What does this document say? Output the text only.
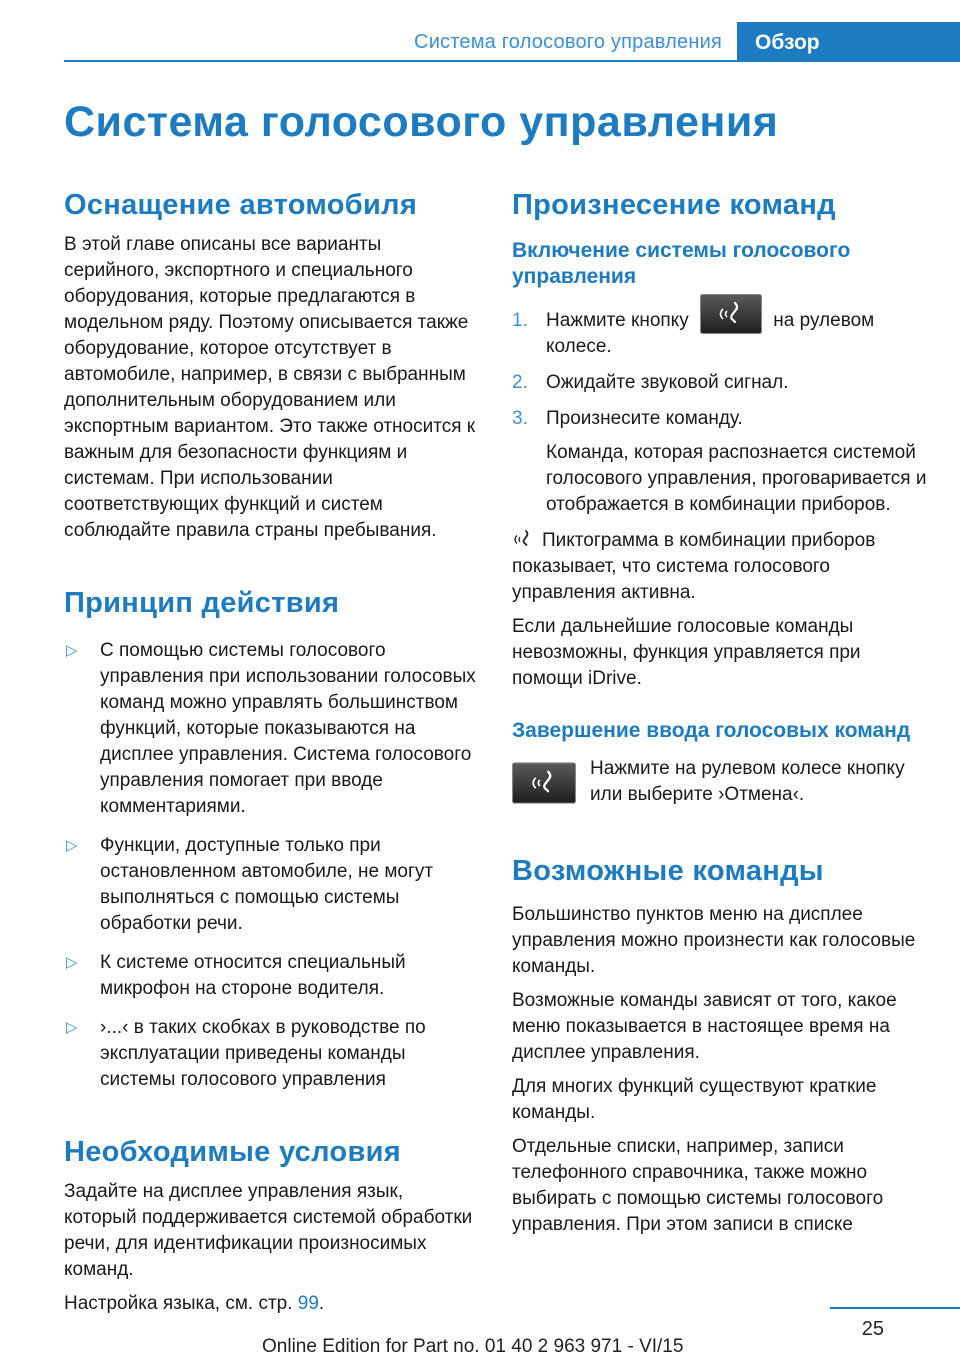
Система голосового управления	Обзор
Система голосового управления
Оснащение автомобиля

В этой главе описаны все варианты серийного, экспортного и специального оборудования, которые предлагаются в модельном ряду. Поэтому описывается также оборудование, которое отсутствует в автомобиле, например, в связи с выбранным дополнительным оборудованием или экспортным вариантом. Это также относится к важным для безопасности функциям и системам. При использовании соответствующих функций и систем соблюдайте правила страны пребывания.

Принцип действия
▷ С помощью системы голосового управления при использовании голосовых команд можно управлять большинством функций, которые показываются на дисплее управления. Система голосового управления помогает при вводе комментариями.
▷ Функции, доступные только при остановленном автомобиле, не могут выполняться с помощью системы обработки речи.
▷ К системе относится специальный микрофон на стороне водителя.
▷ ›...‹ в таких скобках в руководстве по эксплуатации приведены команды системы голосового управления
Необходимые условия

Задайте на дисплее управления язык, который поддерживается системой обработки речи, для идентификации произносимых команд.

Настройка языка, см. стр. 99.

Произнесение команд
Включение системы голосового управления
1. Нажмите кнопку	на рулевом колесе.
2. Ожидайте звуковой сигнал.
3. Произнесите команду.

Команда, которая распознается системой голосового управления, проговаривается и отображается в комбинации приборов.

Пиктограмма в комбинации приборов показывает, что система голосового управления активна.

Если дальнейшие голосовые команды невозможны, функция управляется при помощи iDrive.

Завершение ввода голосовых команд

Нажмите на рулевом колесе кнопку или выберите ›Отмена‹.

Возможные команды

Большинство пунктов меню на дисплее управления можно произнести как голосовые команды.

Возможные команды зависят от того, какое меню показывается в настоящее время на дисплее управления.

Для многих функций существуют краткие команды.

Отдельные списки, например, записи телефонного справочника, также можно выбирать с помощью системы голосового управления. При этом записи в списке

25
Online Edition for Part no. 01 40 2 963 971 - VI/15
